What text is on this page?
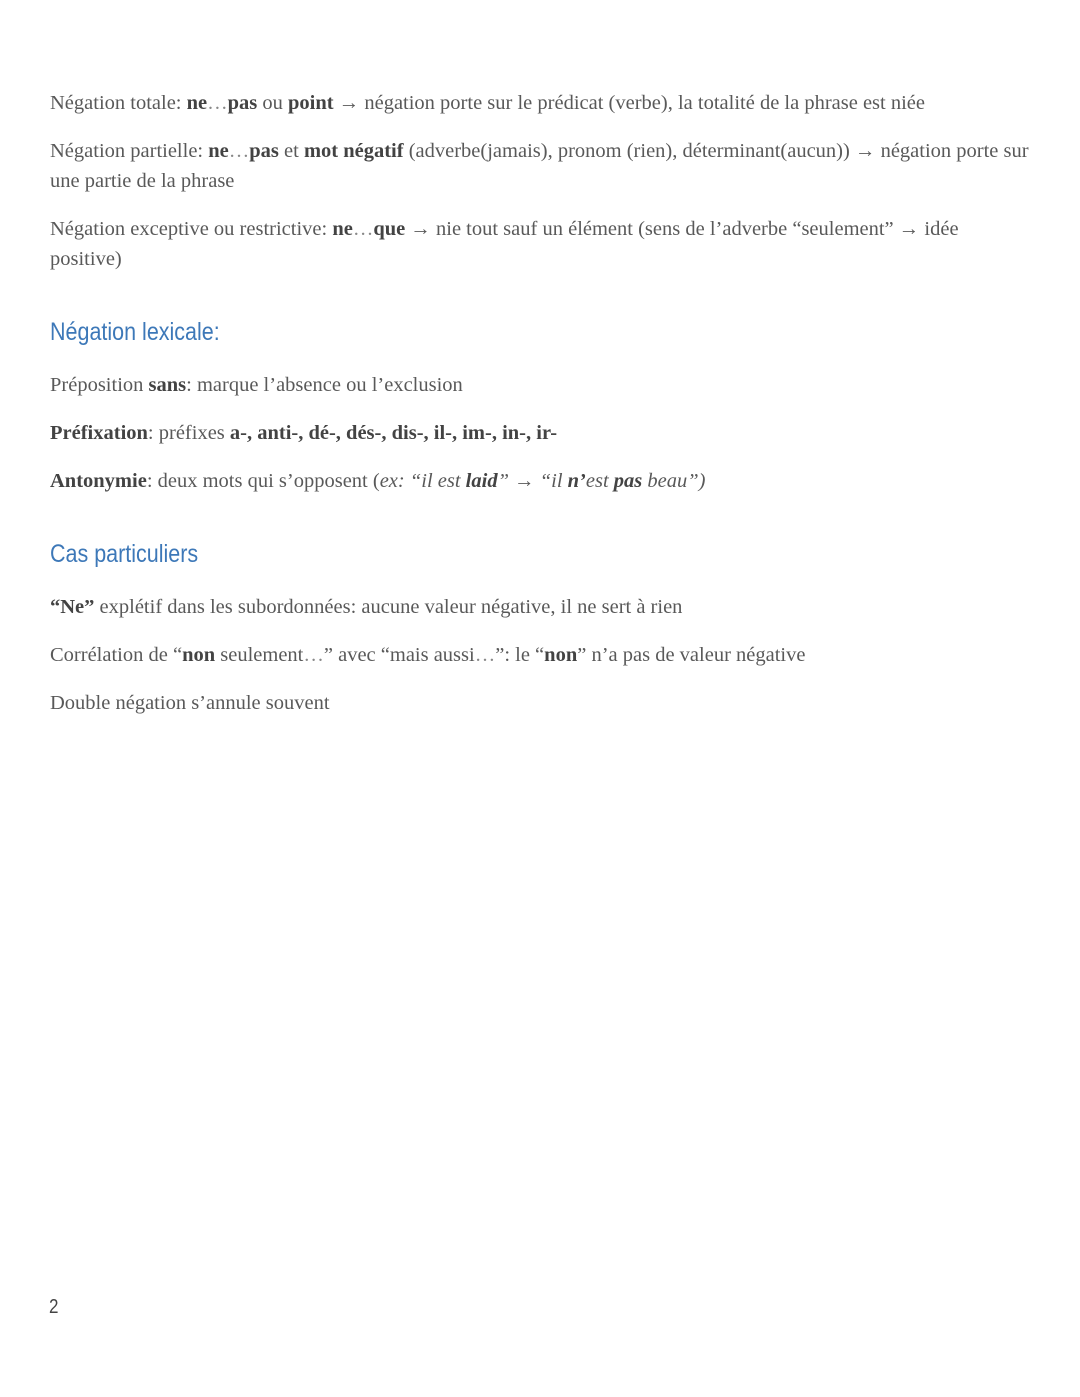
Négation totale: ne…pas ou point → négation porte sur le prédicat (verbe), la totalité de la phrase est niée

Négation partielle: ne…pas et mot négatif (adverbe(jamais), pronom (rien), déterminant(aucun)) → négation porte sur une partie de la phrase

Négation exceptive ou restrictive: ne…que → nie tout sauf un élément (sens de l’adverbe “seulement” → idée positive)

Négation lexicale:

Préposition sans: marque l’absence ou l’exclusion

Préfixation: préfixes a-, anti-, dé-, dés-, dis-, il-, im-, in-, ir-

Antonymie: deux mots qui s’opposent (ex: “il est laid” → “il n’est pas beau”)

Cas particuliers

“Ne” explétif dans les subordonnées: aucune valeur négative, il ne sert à rien

Corrélation de “non seulement…” avec “mais aussi…”: le “non” n’a pas de valeur négative

Double négation s’annule souvent

2
